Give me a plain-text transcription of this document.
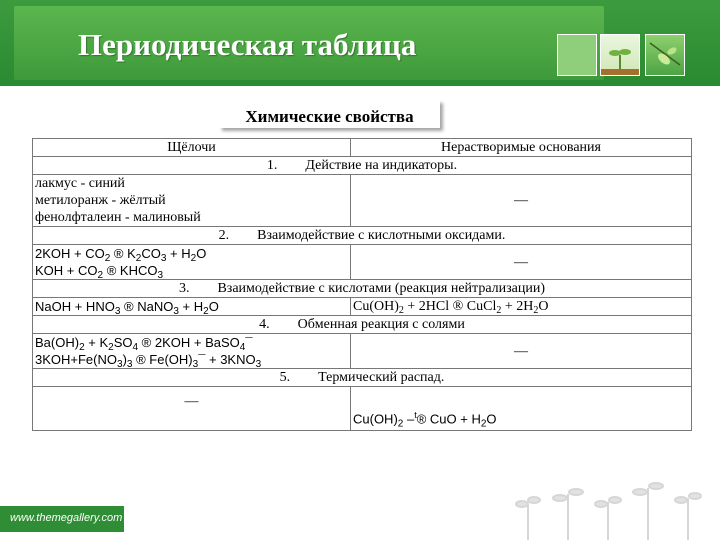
Периодическая таблица
Химические свойства
Щёлочи	Нерастворимые основания
1. Действие на индикаторы.	

лакмус - синий
метилоранж - жёлтый
фенолфталеин - малиновый	—
2. Взаимодействие с кислотными оксидами.	

$2KOH + CO_2$ ® $K_2CO_3 + H_2O$
KOH + $CO_2$ ® $KHCO_3$	—
3. Взаимодействие с кислотами (реакция нейтрализации)	
NaOH + $HNO_3$ ® NaNO$_3$ + $H_2O$	$Cu(OH)_2 + 2HCl$ ® CuCl$_2$ + $2H_2O$
4. Обменная реакция с солями	

$Ba(OH)_2 + K_2SO_4$ ® 2KOH + BaSO$_4$¯
$3KOH+Fe(NO_3)_3$ ® $Fe(OH)_3¯ + 3KNO_3$	—
5. Термический распад.	
—	$Cu(OH)_2$ –$^t$® CuO + $H_2O$
www.themegallery.com
